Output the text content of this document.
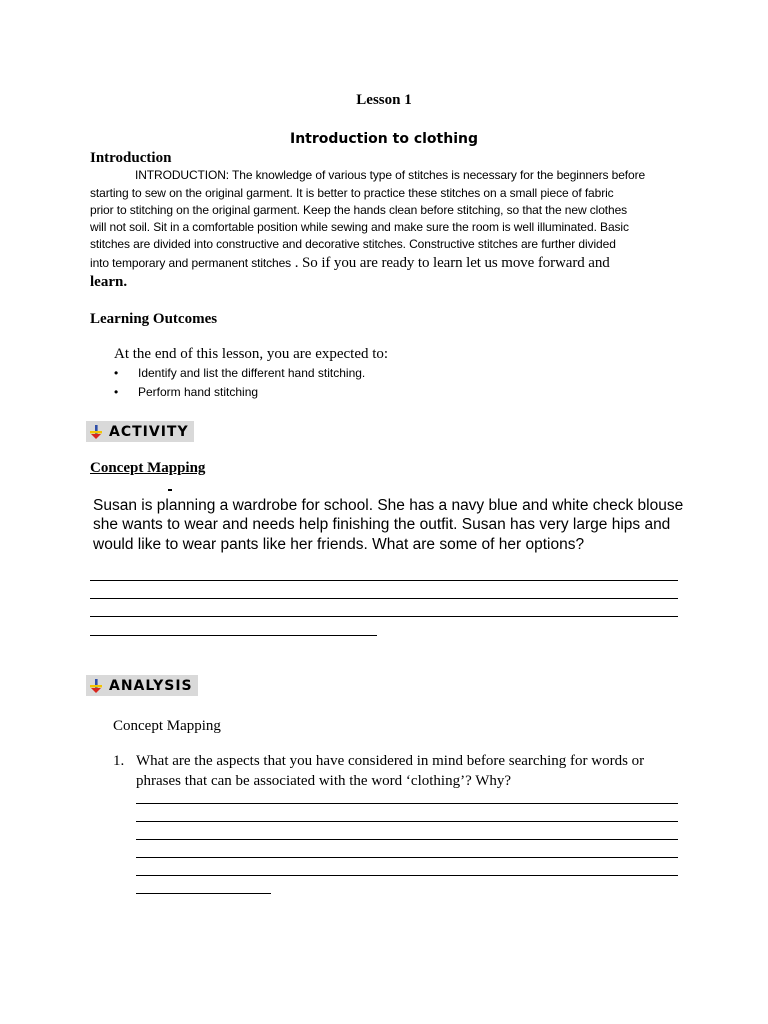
Lesson 1
Introduction to clothing
Introduction
INTRODUCTION: The knowledge of various type of stitches is necessary for the beginners before
starting to sew on the original garment. It is better to practice these stitches on a small piece of fabric
prior to stitching on the original garment. Keep the hands clean before stitching, so that the new clothes
will not soil. Sit in a comfortable position while sewing and make sure the room is well illuminated. Basic
stitches are divided into constructive and decorative stitches. Constructive stitches are further divided
into temporary and permanent stitches . So if you are ready to learn let us move forward and
learn.
Learning Outcomes
At the end of this lesson, you are expected to:
• Identify and list the different hand stitching.
• Perform hand stitching
ACTIVITY
Concept Mapping
Susan is planning a wardrobe for school. She has a navy blue and white check blouse
she wants to wear and needs help finishing the outfit. Susan has very large hips and
would like to wear pants like her friends. What are some of her options?
ANALYSIS
Concept Mapping
1. What are the aspects that you have considered in mind before searching for words or
phrases that can be associated with the word ‘clothing’? Why?
